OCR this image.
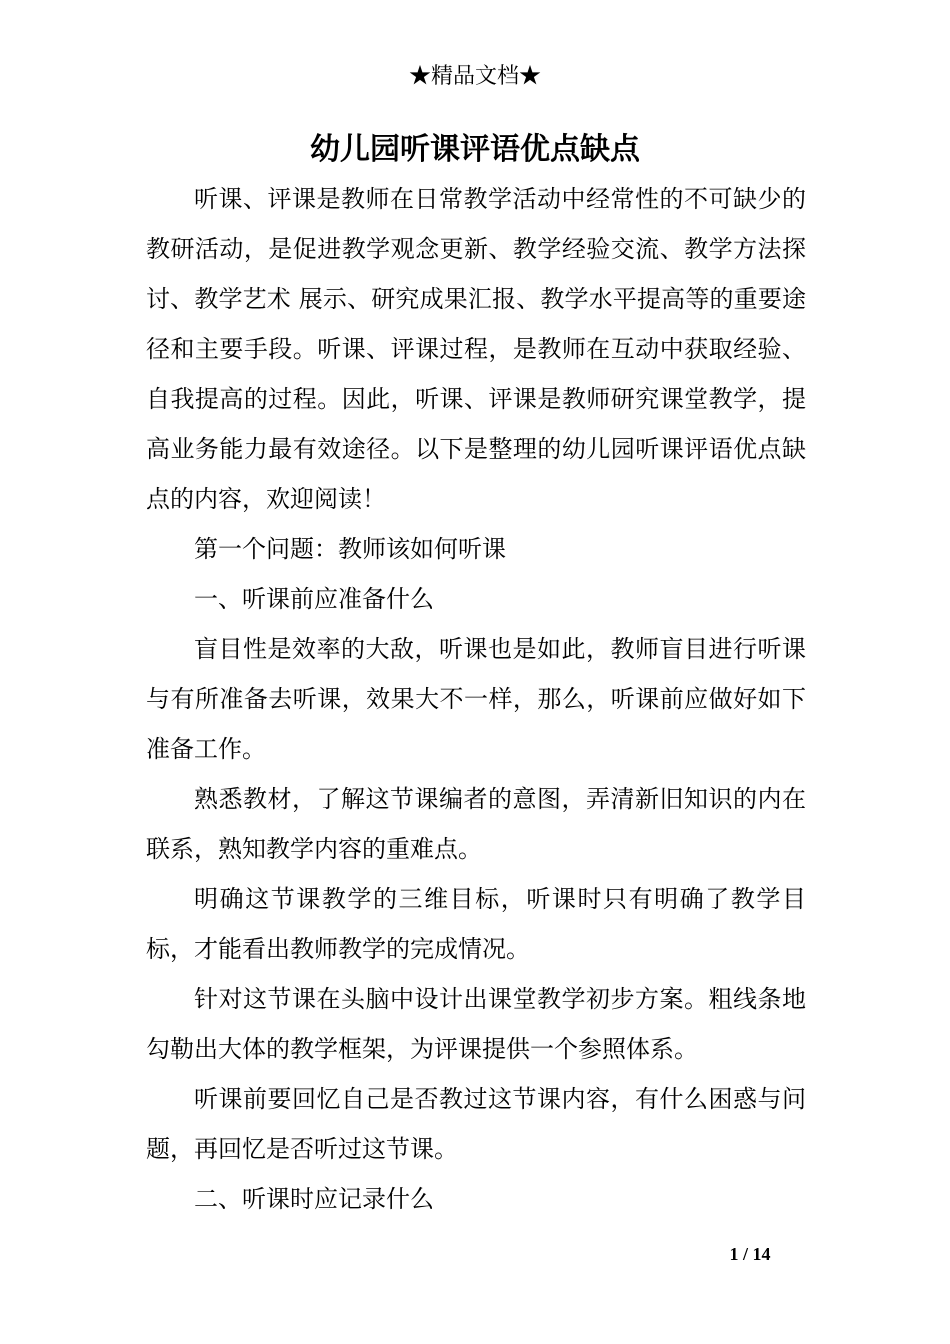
★精品文档★
幼儿园听课评语优点缺点

听课、评课是教师在日常教学活动中经常性的不可缺少的教研活动，是促进教学观念更新、教学经验交流、教学方法探讨、教学艺术 展示、研究成果汇报、教学水平提高等的重要途径和主要手段。听课、评课过程，是教师在互动中获取经验、自我提高的过程。因此，听课、评课是教师研究课堂教学，提高业务能力最有效途径。以下是整理的幼儿园听课评语优点缺点的内容，欢迎阅读！

第一个问题：教师该如何听课

一、听课前应准备什么

盲目性是效率的大敌，听课也是如此，教师盲目进行听课与有所准备去听课，效果大不一样，那么，听课前应做好如下准备工作。

熟悉教材，了解这节课编者的意图，弄清新旧知识的内在联系，熟知教学内容的重难点。

明确这节课教学的三维目标，听课时只有明确了教学目标，才能看出教师教学的完成情况。

针对这节课在头脑中设计出课堂教学初步方案。粗线条地勾勒出大体的教学框架，为评课提供一个参照体系。

听课前要回忆自己是否教过这节课内容，有什么困惑与问题，再回忆是否听过这节课。

二、听课时应记录什么

1 / 14
